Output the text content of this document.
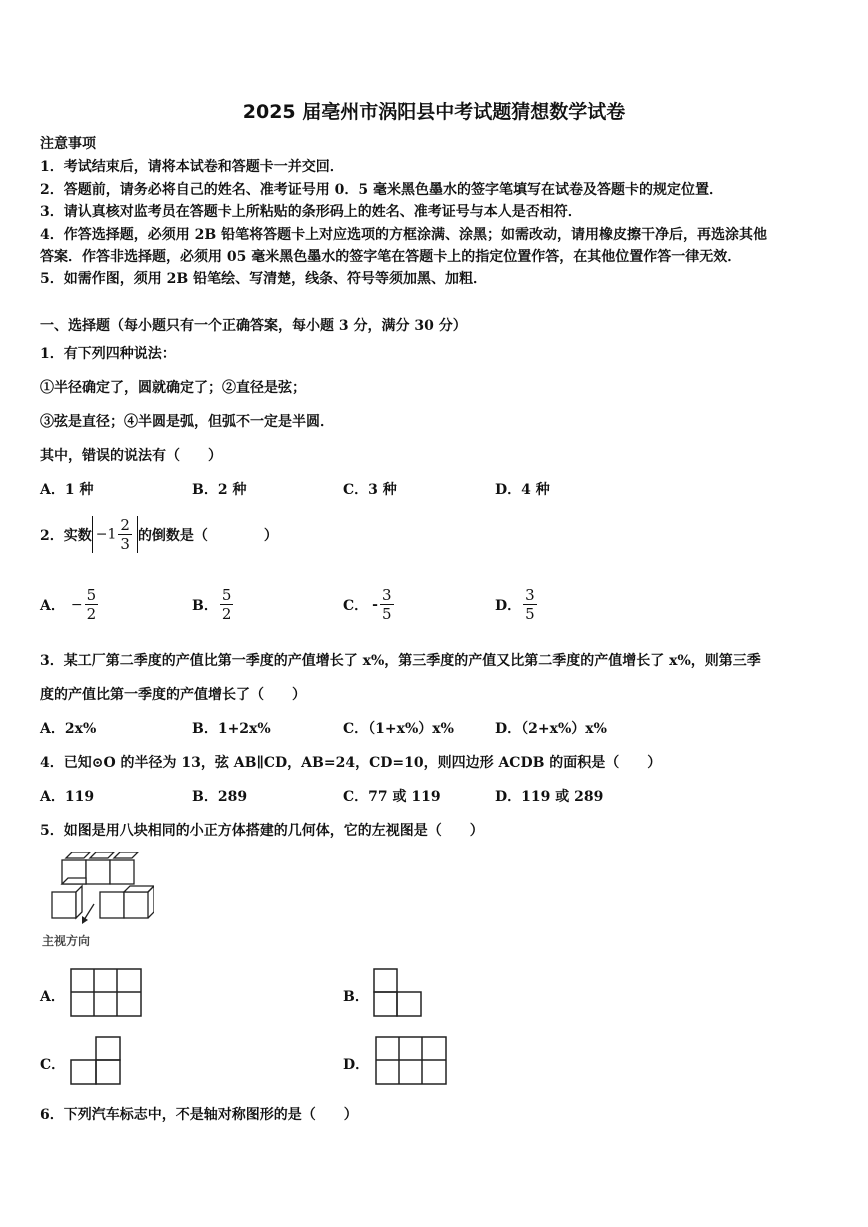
2025 届亳州市涡阳县中考试题猜想数学试卷
注意事项
1．考试结束后，请将本试卷和答题卡一并交回．
2．答题前，请务必将自己的姓名、准考证号用 0．5 毫米黑色墨水的签字笔填写在试卷及答题卡的规定位置．
3．请认真核对监考员在答题卡上所粘贴的条形码上的姓名、准考证号与本人是否相符．
4．作答选择题，必须用 2B 铅笔将答题卡上对应选项的方框涂满、涂黑；如需改动，请用橡皮擦干净后，再选涂其他
答案．作答非选择题，必须用 05 毫米黑色墨水的签字笔在答题卡上的指定位置作答，在其他位置作答一律无效．
5．如需作图，须用 2B 铅笔绘、写清楚，线条、符号等须加黑、加粗．
一、选择题（每小题只有一个正确答案，每小题 3 分，满分 30 分）
1．有下列四种说法：
①半径确定了，圆就确定了；②直径是弦；
③弦是直径；④半圆是弧，但弧不一定是半圆．
其中，错误的说法有（　　）
A．1 种	B．2 种	C．3 种	D．4 种
2．实数 $-1 \frac{2}{3}$ 的倒数是（　　　　）
A． − $\frac{5}{2}$	B． $\frac{5}{2}$	C． - $\frac{3}{5}$	D． $\frac{3}{5}$
3．某工厂第二季度的产值比第一季度的产值增长了 x%，第三季度的产值又比第二季度的产值增长了 x%，则第三季
度的产值比第一季度的产值增长了（　　）
A．2x%	B．1+2x%	C．（1+x%）x%	D．（2+x%）x%
4．已知⊙O 的半径为 13，弦 AB∥CD，AB=24，CD=10，则四边形 ACDB 的面积是（　　）
A．119	B．289	C．77 或 119	D．119 或 289
5．如图是用八块相同的小正方体搭建的几何体，它的左视图是（　　）
主视方向
A．	B．
C．	D．
6．下列汽车标志中，不是轴对称图形的是（　　）
